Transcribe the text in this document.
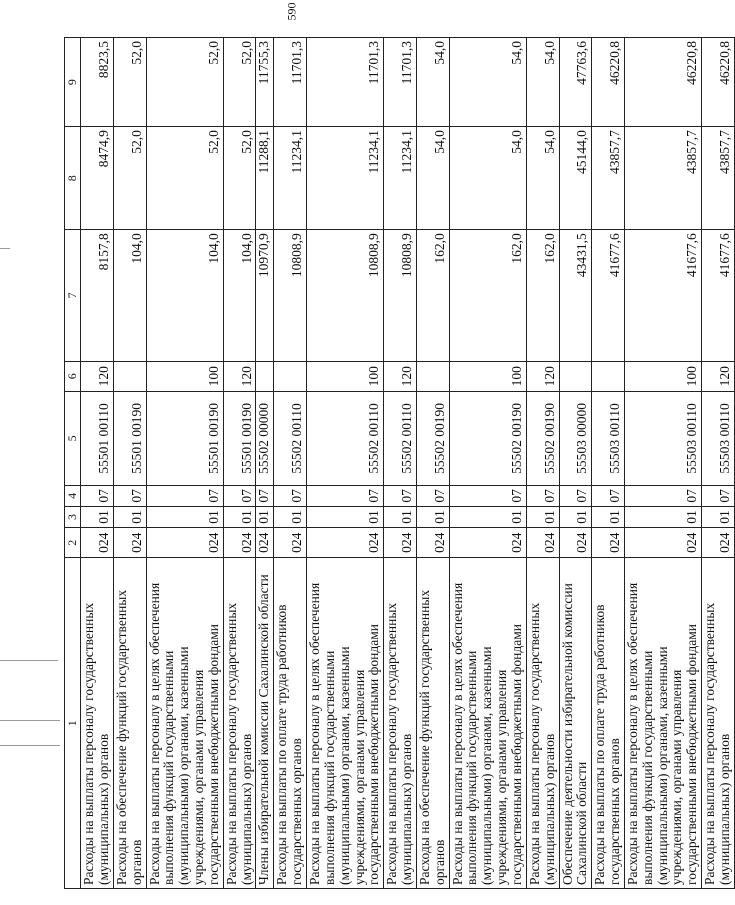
590
1	2	3	4	5	6	7	8	9
Расходы на выплаты персоналу государственных (муниципальных) органов	024	01	07	55501 00110	120	8157,8	8474,9	8823,5
Расходы на обеспечение функций государственных органов	024	01	07	55501 00190		104,0	52,0	52,0
Расходы на выплаты персоналу в целях обеспечения выполнения функций государственными (муниципальными) органами, казенными учреждениями, органами управления государственными внебюджетными фондами	024	01	07	55501 00190	100	104,0	52,0	52,0
Расходы на выплаты персоналу государственных (муниципальных) органов	024	01	07	55501 00190	120	104,0	52,0	52,0
Члены избирательной комиссии Сахалинской области	024	01	07	55502 00000		10970,9	11288,1	11755,3
Расходы на выплаты по оплате труда работников государственных органов	024	01	07	55502 00110		10808,9	11234,1	11701,3
Расходы на выплаты персоналу в целях обеспечения выполнения функций государственными (муниципальными) органами, казенными учреждениями, органами управления государственными внебюджетными фондами	024	01	07	55502 00110	100	10808,9	11234,1	11701,3
Расходы на выплаты персоналу государственных (муниципальных) органов	024	01	07	55502 00110	120	10808,9	11234,1	11701,3
Расходы на обеспечение функций государственных органов	024	01	07	55502 00190		162,0	54,0	54,0
Расходы на выплаты персоналу в целях обеспечения выполнения функций государственными (муниципальными) органами, казенными учреждениями, органами управления государственными внебюджетными фондами	024	01	07	55502 00190	100	162,0	54,0	54,0
Расходы на выплаты персоналу государственных (муниципальных) органов	024	01	07	55502 00190	120	162,0	54,0	54,0
Обеспечение деятельности избирательной комиссии Сахалинской области	024	01	07	55503 00000		43431,5	45144,0	47763,6
Расходы на выплаты по оплате труда работников государственных органов	024	01	07	55503 00110		41677,6	43857,7	46220,8
Расходы на выплаты персоналу в целях обеспечения выполнения функций государственными (муниципальными) органами, казенными учреждениями, органами управления государственными внебюджетными фондами	024	01	07	55503 00110	100	41677,6	43857,7	46220,8
Расходы на выплаты персоналу государственных (муниципальных) органов	024	01	07	55503 00110	120	41677,6	43857,7	46220,8
